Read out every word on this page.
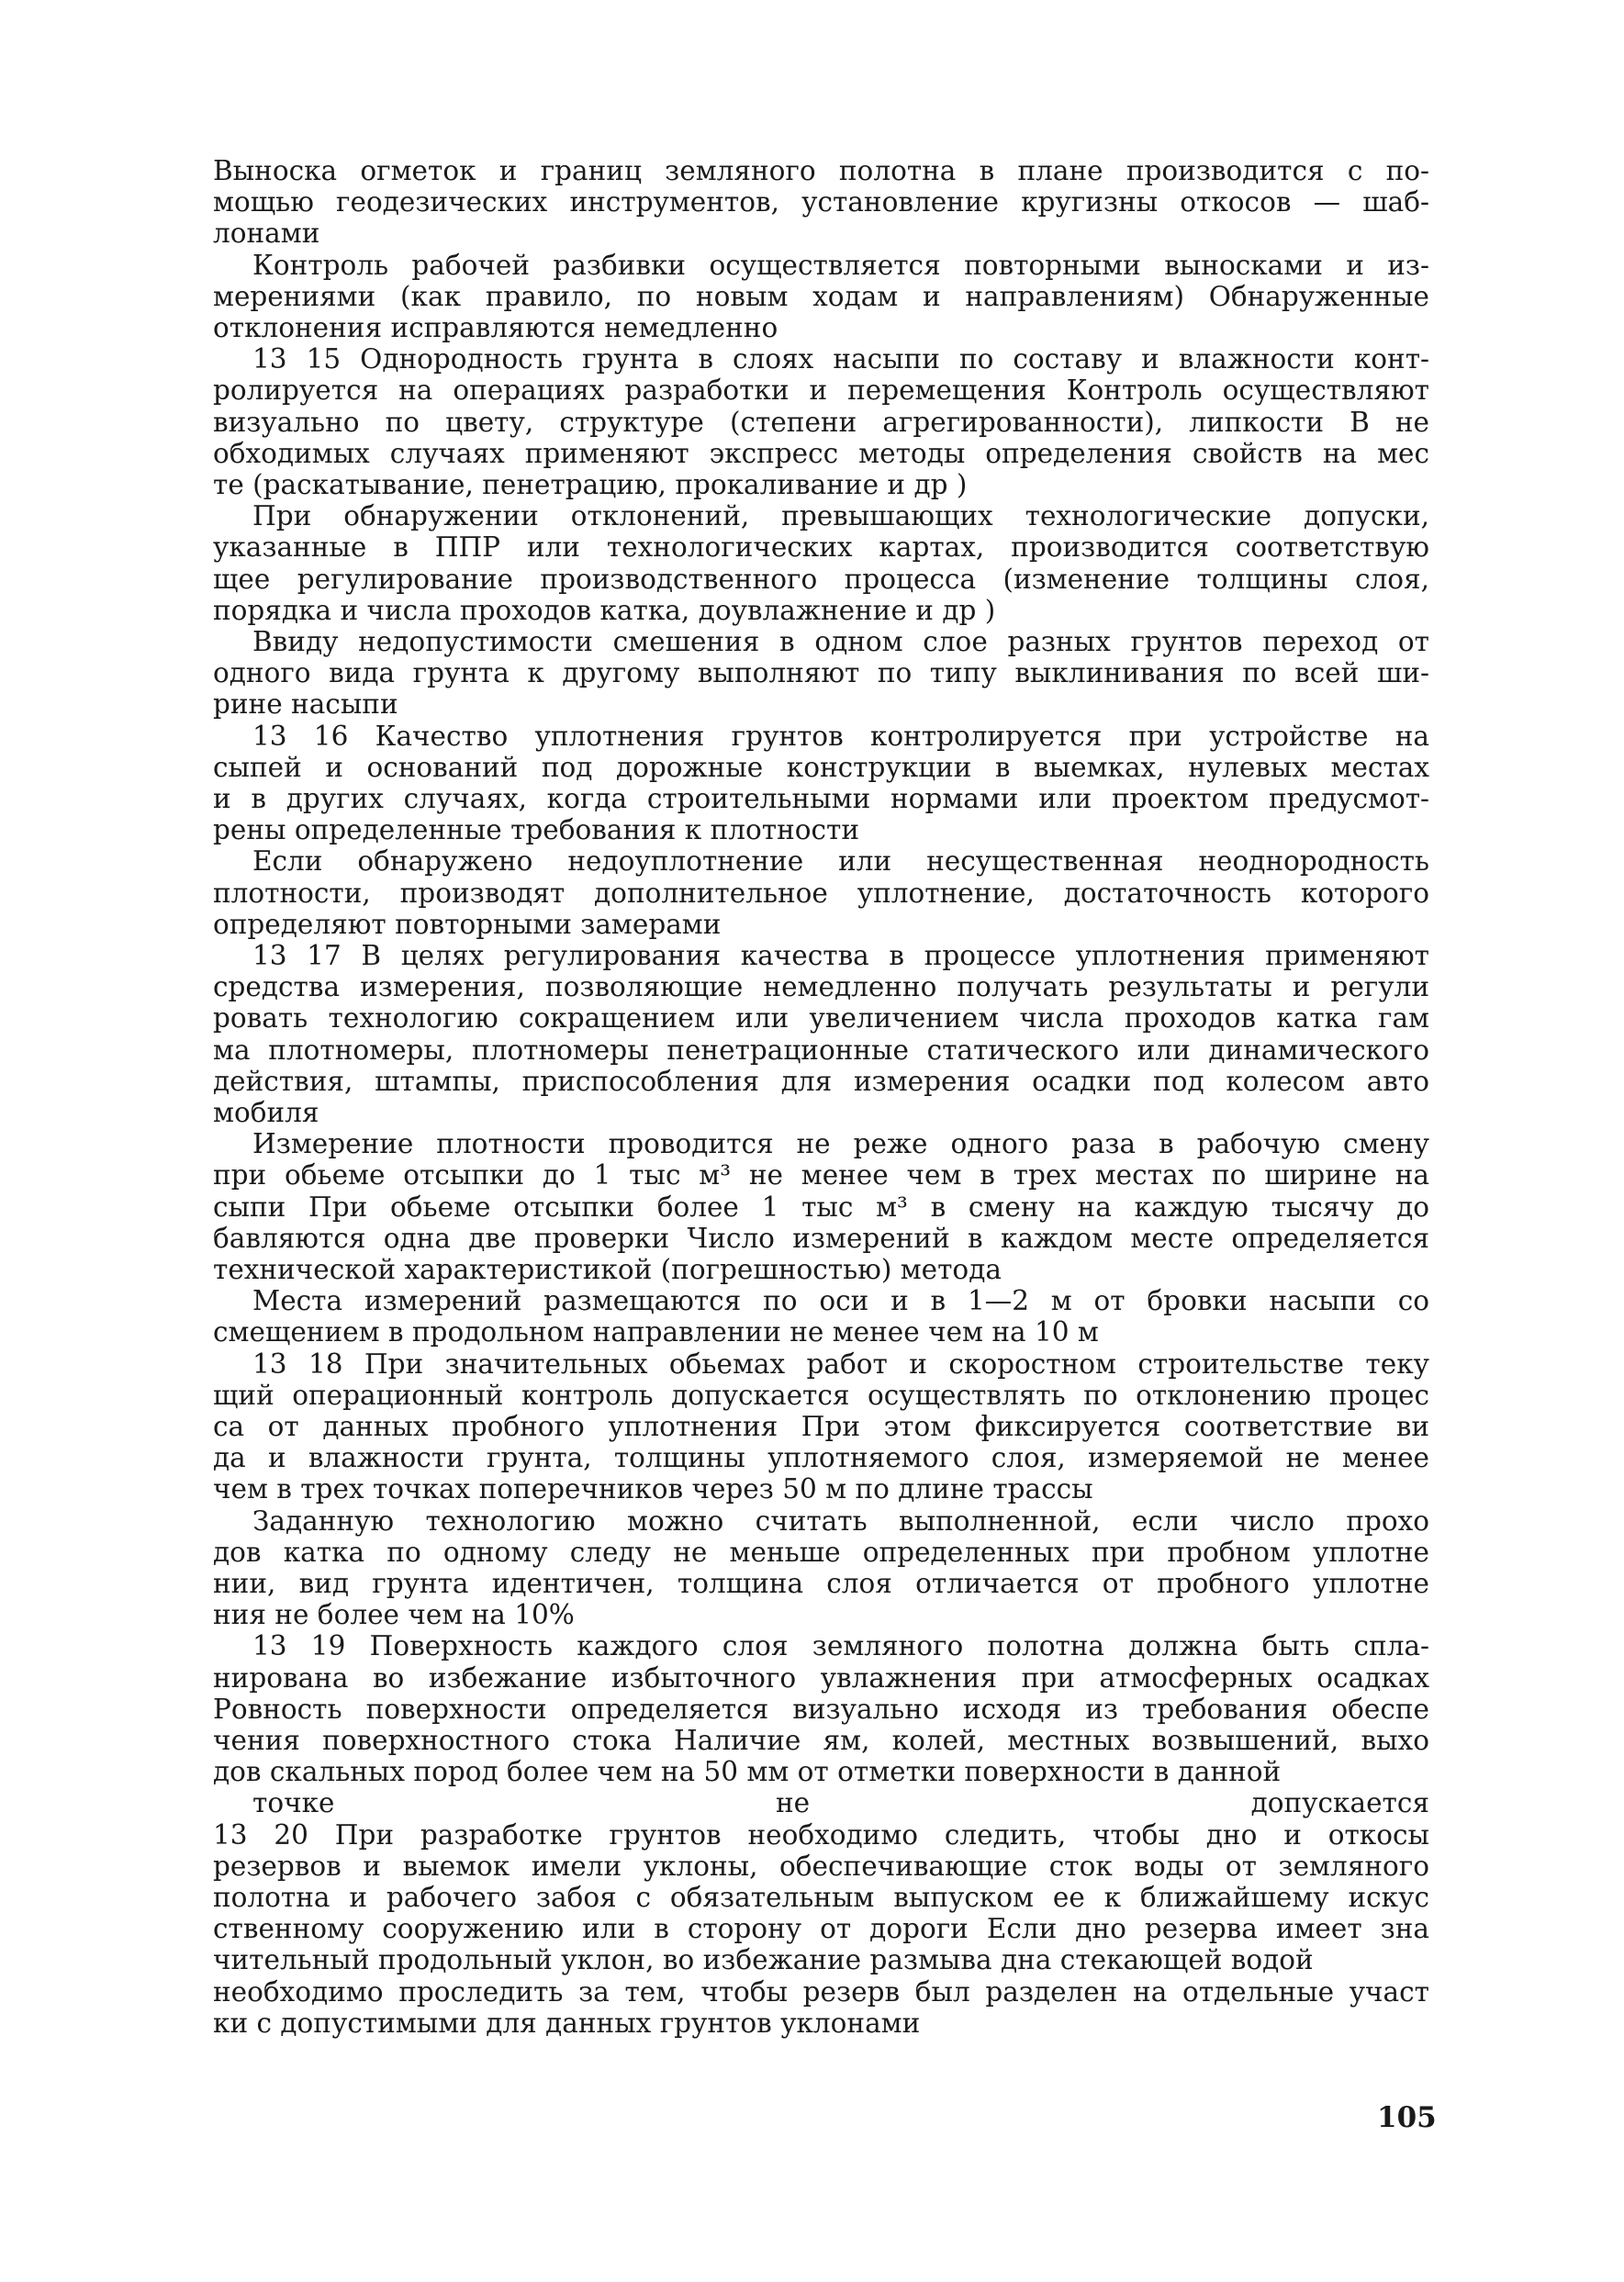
Выноска огметок и границ земляного полотна в плане производится с по-
мощью геодезических инструментов, установление кругизны откосов — шаб-
лонами
Контроль рабочей разбивки осуществляется повторными выносками и из-
мерениями (как правило, по новым ходам и направлениям) Обнаруженные
отклонения исправляются немедленно
13 15 Однородность грунта в слоях насыпи по составу и влажности конт-
ролируется на операциях разработки и перемещения Контроль осуществляют
визуально по цвету, структуре (степени агрегированности), липкости В не
обходимых случаях применяют экспресс методы определения свойств на мес
те (раскатывание, пенетрацию, прокаливание и др )
При обнаружении отклонений, превышающих технологические допуски,
указанные в ППР или технологических картах, производится соответствую
щее регулирование производственного процесса (изменение толщины слоя,
порядка и числа проходов катка, доувлажнение и др )
Ввиду недопустимости смешения в одном слое разных грунтов переход от
одного вида грунта к другому выполняют по типу выклинивания по всей ши-
рине насыпи
13 16 Качество уплотнения грунтов контролируется при устройстве на
сыпей и оснований под дорожные конструкции в выемках, нулевых местах
и в других случаях, когда строительными нормами или проектом предусмот-
рены определенные требования к плотности
Если обнаружено недоуплотнение или несущественная неоднородность
плотности, производят дополнительное уплотнение, достаточность которого
определяют повторными замерами
13 17 В целях регулирования качества в процессе уплотнения применяют
средства измерения, позволяющие немедленно получать результаты и регули
ровать технологию сокращением или увеличением числа проходов катка гам
ма плотномеры, плотномеры пенетрационные статического или динамического
действия, штампы, приспособления для измерения осадки под колесом авто
мобиля
Измерение плотности проводится не реже одного раза в рабочую смену
при обьеме отсыпки до 1 тыс м³ не менее чем в трех местах по ширине на
сыпи При обьеме отсыпки более 1 тыс м³ в смену на каждую тысячу до
бавляются одна две проверки Число измерений в каждом месте определяется
технической характеристикой (погрешностью) метода
Места измерений размещаются по оси и в 1—2 м от бровки насыпи со
смещением в продольном направлении не менее чем на 10 м
13 18 При значительных обьемах работ и скоростном строительстве теку
щий операционный контроль допускается осуществлять по отклонению процес
са от данных пробного уплотнения При этом фиксируется соответствие ви
да и влажности грунта, толщины уплотняемого слоя, измеряемой не менее
чем в трех точках поперечников через 50 м по длине трассы
Заданную технологию можно считать выполненной, если число прохо
дов катка по одному следу не меньше определенных при пробном уплотне
нии, вид грунта идентичен, толщина слоя отличается от пробного уплотне
ния не более чем на 10%
13 19 Поверхность каждого слоя земляного полотна должна быть спла-
нирована во избежание избыточного увлажнения при атмосферных осадках
Ровность поверхности определяется визуально исходя из требования обеспе
чения поверхностного стока Наличие ям, колей, местных возвышений, выхо
дов скальных пород более чем на 50 мм от отметки поверхности в данной
точке не допускается
13 20 При разработке грунтов необходимо следить, чтобы дно и откосы
резервов и выемок имели уклоны, обеспечивающие сток воды от земляного
полотна и рабочего забоя с обязательным выпуском ее к ближайшему искус
ственному сооружению или в сторону от дороги Если дно резерва имеет зна
чительный продольный уклон, во избежание размыва дна стекающей водой
необходимо проследить за тем, чтобы резерв был разделен на отдельные участ
ки с допустимыми для данных грунтов уклонами
105
